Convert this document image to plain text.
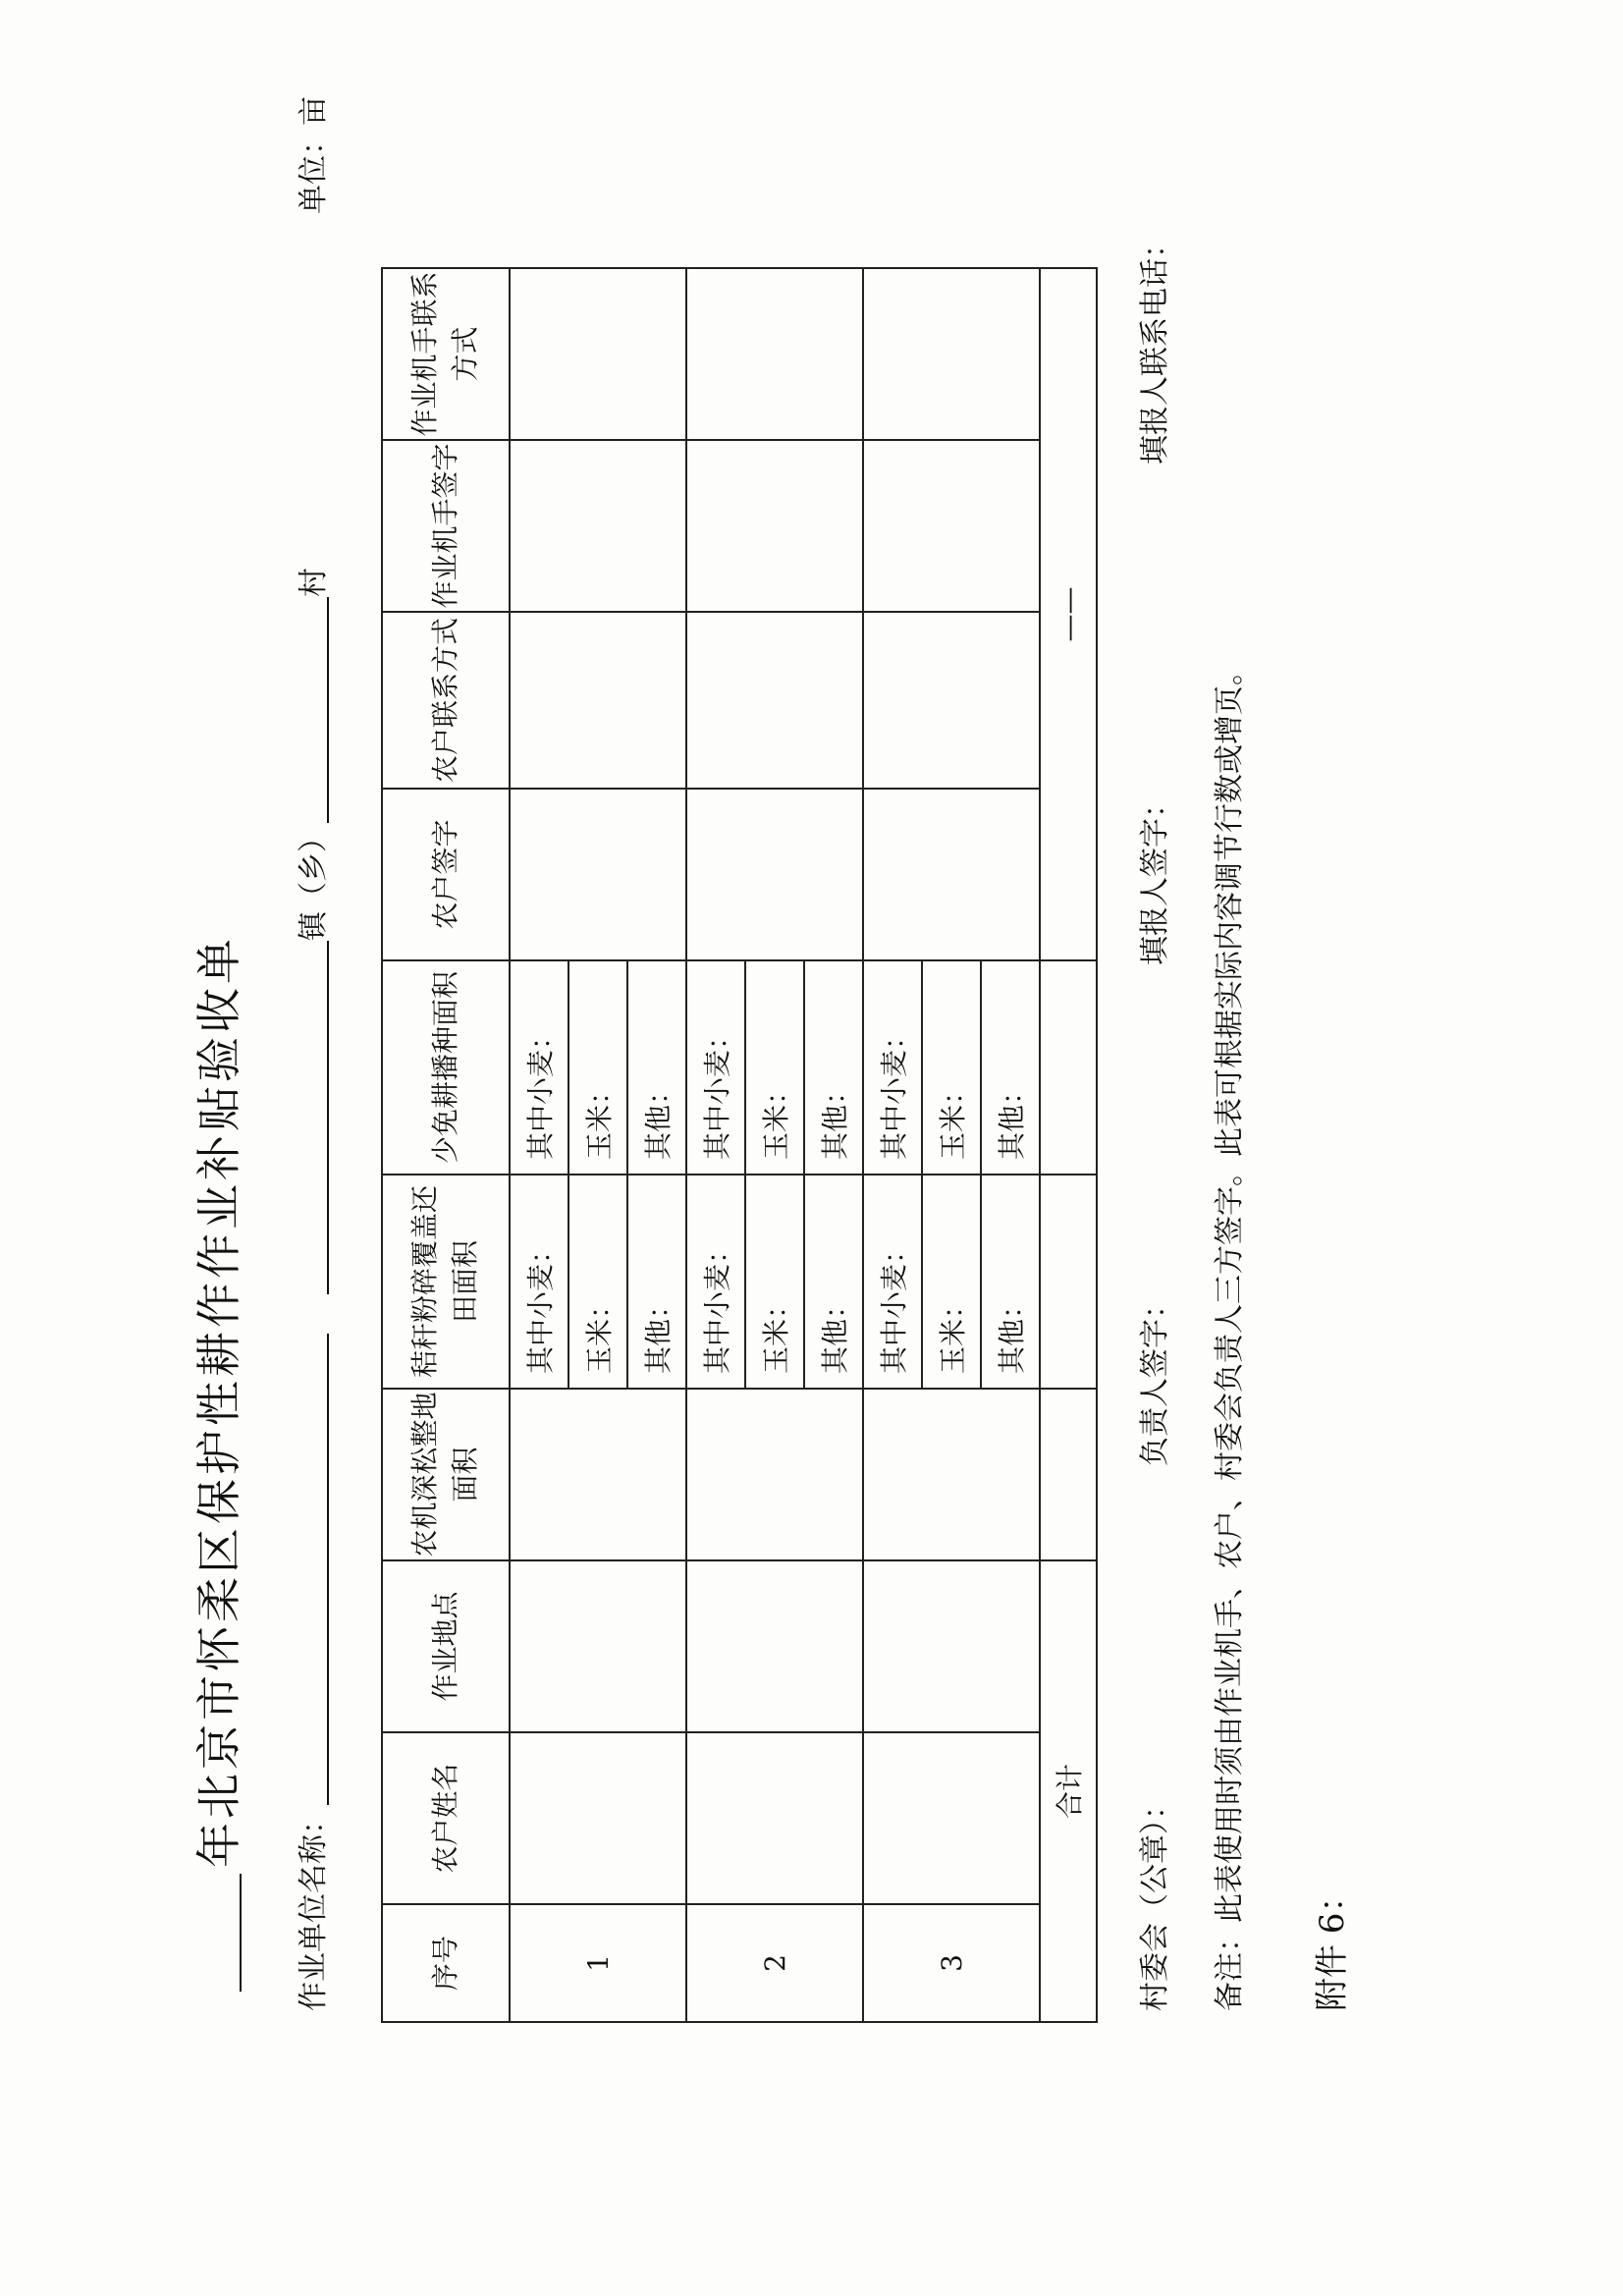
年北京市怀柔区保护性耕作作业补贴验收单
作业单位名称：镇（乡）村单位：亩
序号	农户姓名	作业地点	农机深松整地面积	秸秆粉碎覆盖还田面积	少免耕播种面积	农户签字	农户联系方式	作业机手签字	作业机手联系方式
1				其中小麦：	其中小麦：				
				玉米：	玉米：				
				其他：	其他：				
2				其中小麦：	其中小麦：				
				玉米：	玉米：				
				其他：	其他：				
3				其中小麦：	其中小麦：				
				玉米：	玉米：				
				其他：	其他：				
合计						——			
村委会（公章）：负责人签字：填报人签字：填报人联系电话：
备注：此表使用时须由作业机手、农户、村委会负责人三方签字。此表可根据实际内容调节行数或增页。 附件 6：
